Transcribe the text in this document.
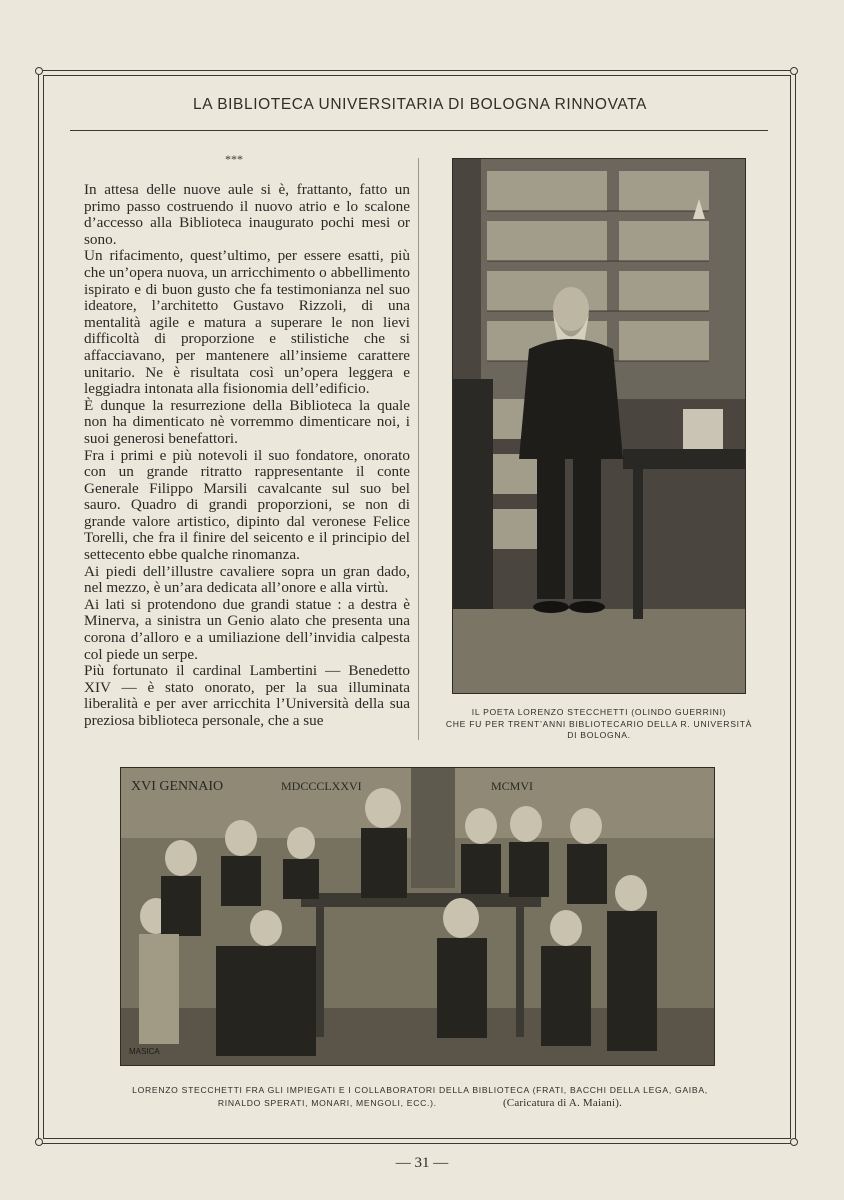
LA BIBLIOTECA UNIVERSITARIA DI BOLOGNA RINNOVATA
***

In attesa delle nuove aule si è, frattanto, fatto un primo passo costruendo il nuovo atrio e lo scalone d’accesso alla Biblioteca inaugurato pochi mesi or sono.

Un rifacimento, quest’ultimo, per essere esatti, più che un’opera nuova, un arricchimento o abbellimento ispirato e di buon gusto che fa testimonianza nel suo ideatore, l’architetto Gustavo Rizzoli, di una mentalità agile e matura a superare le non lievi difficoltà di proporzione e stilistiche che si affacciavano, per mantenere all’insieme carattere unitario. Ne è risultata così un’opera leggera e leggiadra intonata alla fisionomia dell’edificio.

È dunque la resurrezione della Biblioteca la quale non ha dimenticato nè vorremmo dimenticare noi, i suoi generosi benefattori.

Fra i primi e più notevoli il suo fondatore, onorato con un grande ritratto rappresentante il conte Generale Filippo Marsili cavalcante sul suo bel sauro. Quadro di grandi proporzioni, se non di grande valore artistico, dipinto dal veronese Felice Torelli, che fra il finire del seicento e il principio del settecento ebbe qualche rinomanza.

Ai piedi dell’illustre cavaliere sopra un gran dado, nel mezzo, è un’ara dedicata all’onore e alla virtù.

Ai lati si protendono due grandi statue : a destra è Minerva, a sinistra un Genio alato che presenta una corona d’alloro e a umiliazione dell’invidia calpesta col piede un serpe.

Più fortunato il cardinal Lambertini — Benedetto XIV — è stato onorato, per la sua illuminata liberalità e per aver arricchita l’Università della sua preziosa biblioteca personale, che a sue	IL POETA LORENZO STECCHETTI (OLINDO GUERRINI)
CHE FU PER TRENT’ANNI BIBLIOTECARIO DELLA R. UNIVERSITÀ
DI BOLOGNA.
XVI GENNAIO	MDCCCLXXVI	MCMVI
MASICA
LORENZO STECCHETTI FRA GLI IMPIEGATI E I COLLABORATORI DELLA BIBLIOTECA (FRATI, BACCHI DELLA LEGA, GAIBA,
RINALDO SPERATI, MONARI, MENGOLI, ECC.).	(Caricatura di A. Maiani).
— 31 —
